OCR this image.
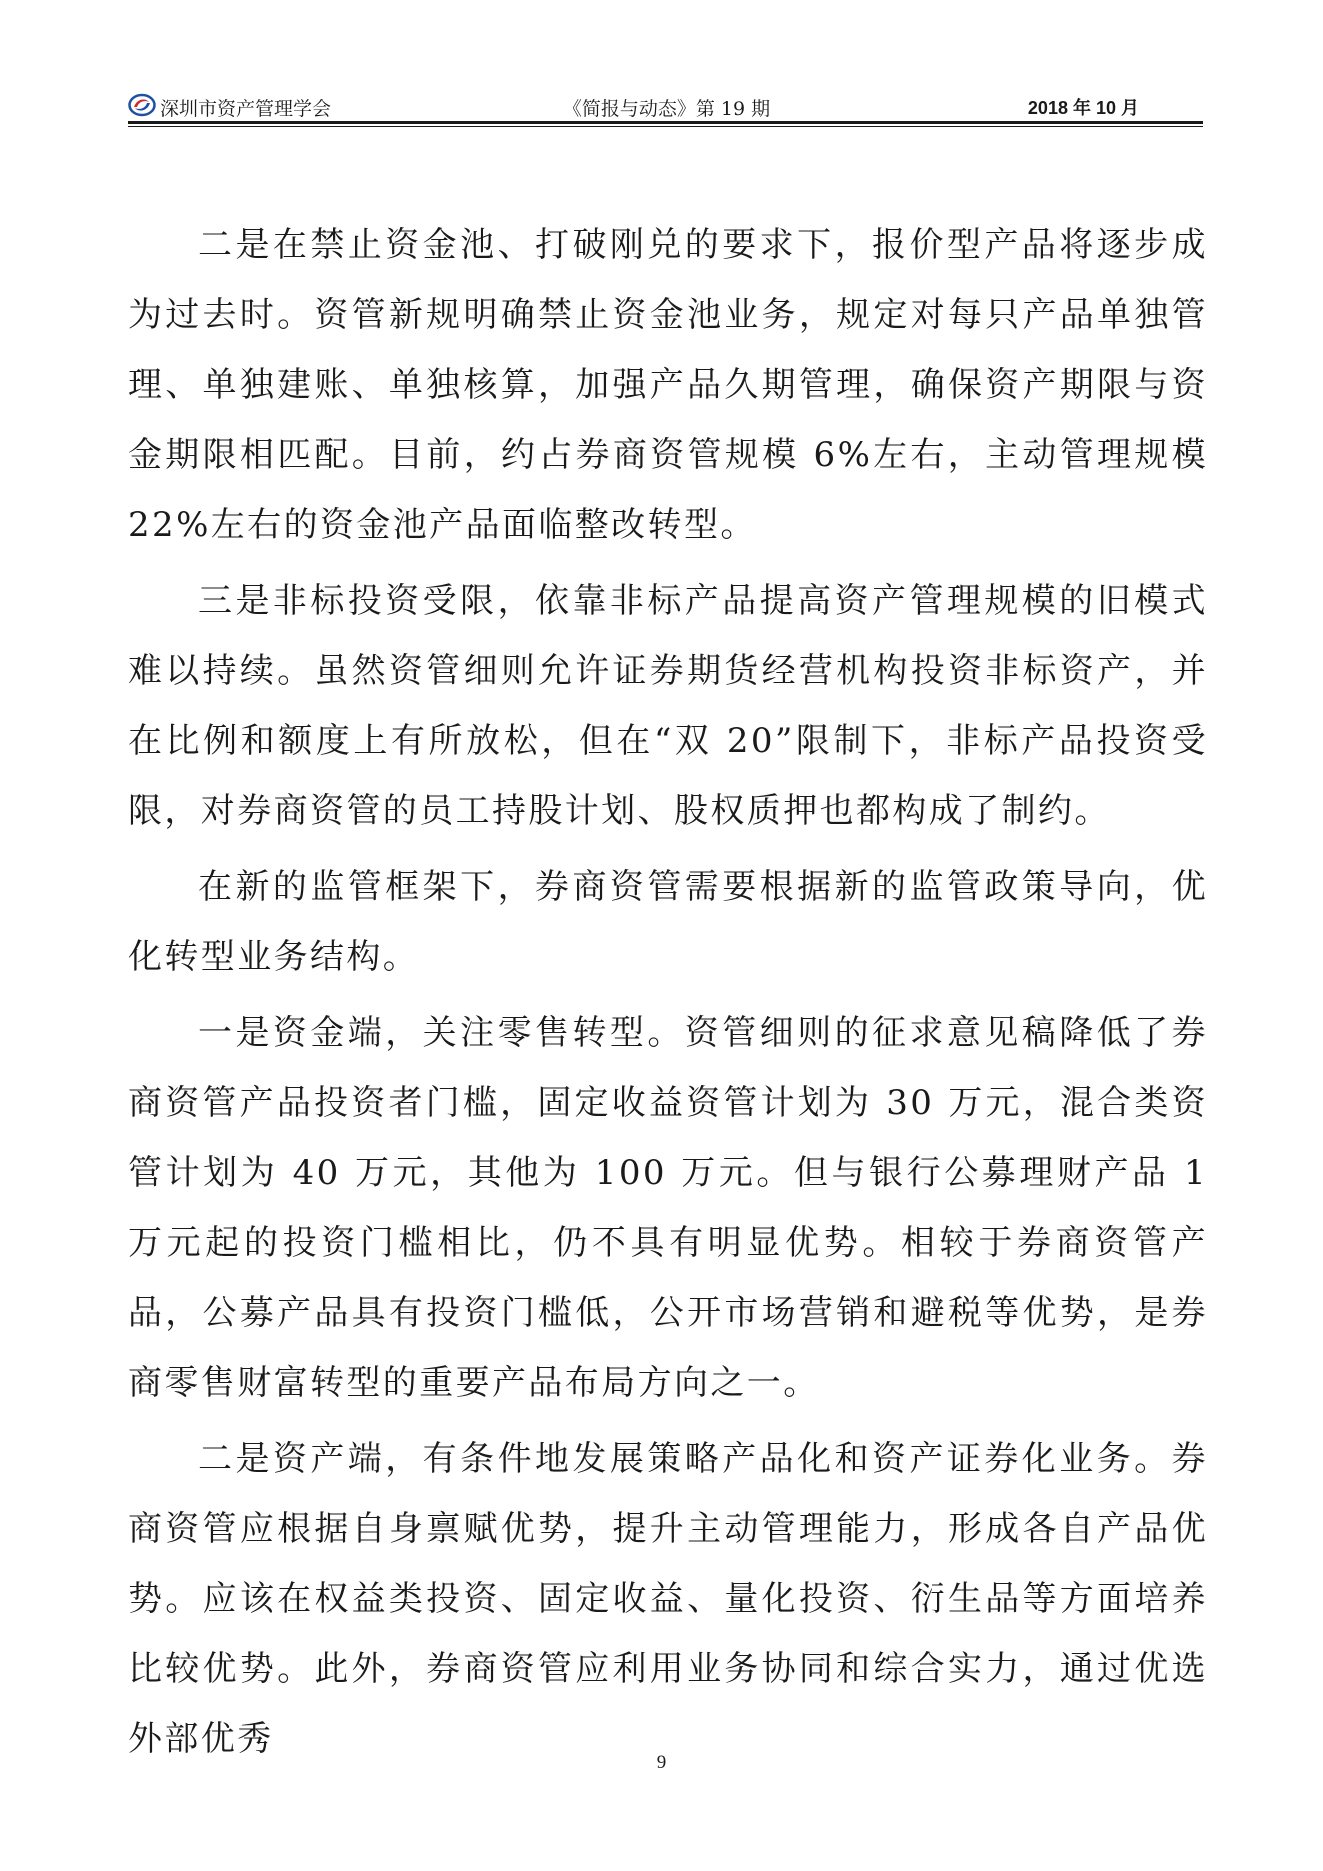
深圳市资产管理学会	《简报与动态》第 19 期	2018 年 10 月

二是在禁止资金池、打破刚兑的要求下，报价型产品将逐步成为过去时。资管新规明确禁止资金池业务，规定对每只产品单独管理、单独建账、单独核算，加强产品久期管理，确保资产期限与资金期限相匹配。目前，约占券商资管规模 6%左右，主动管理规模 22%左右的资金池产品面临整改转型。

三是非标投资受限，依靠非标产品提高资产管理规模的旧模式难以持续。虽然资管细则允许证券期货经营机构投资非标资产，并在比例和额度上有所放松，但在“双 20”限制下，非标产品投资受限，对券商资管的员工持股计划、股权质押也都构成了制约。

在新的监管框架下，券商资管需要根据新的监管政策导向，优化转型业务结构。

一是资金端，关注零售转型。资管细则的征求意见稿降低了券商资管产品投资者门槛，固定收益资管计划为 30 万元，混合类资管计划为 40 万元，其他为 100 万元。但与银行公募理财产品 1 万元起的投资门槛相比，仍不具有明显优势。相较于券商资管产品，公募产品具有投资门槛低，公开市场营销和避税等优势，是券商零售财富转型的重要产品布局方向之一。

二是资产端，有条件地发展策略产品化和资产证券化业务。券商资管应根据自身禀赋优势，提升主动管理能力，形成各自产品优势。应该在权益类投资、固定收益、量化投资、衍生品等方面培养比较优势。此外，券商资管应利用业务协同和综合实力，通过优选外部优秀

9
